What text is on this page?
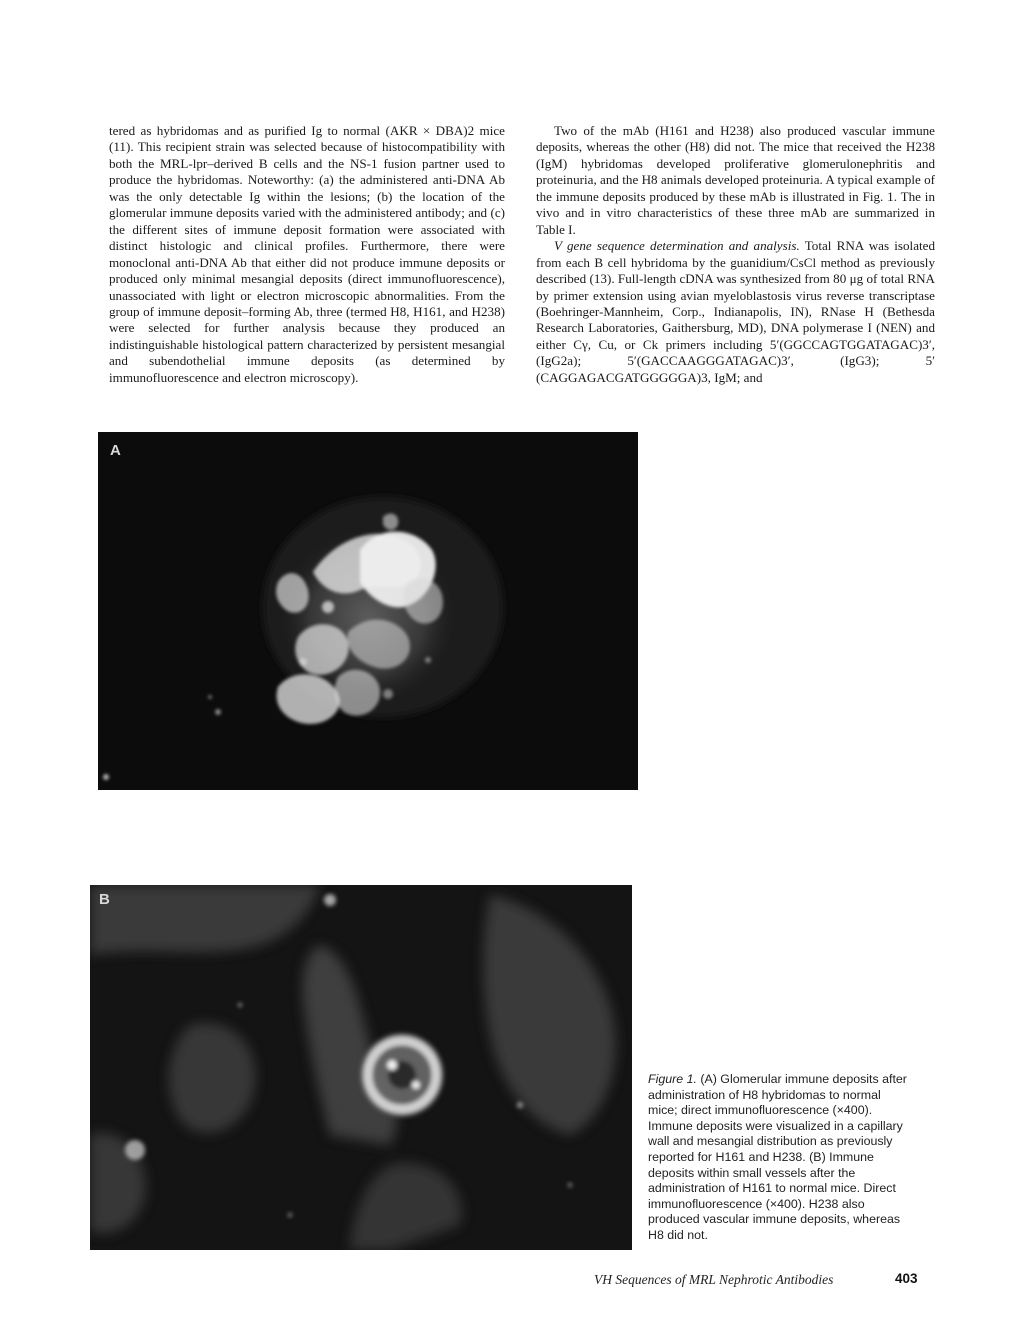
tered as hybridomas and as purified Ig to normal (AKR × DBA)2 mice (11). This recipient strain was selected because of histocompatibility with both the MRL-lpr–derived B cells and the NS-1 fusion partner used to produce the hybridomas. Noteworthy: (a) the administered anti-DNA Ab was the only detectable Ig within the lesions; (b) the location of the glomerular immune deposits varied with the administered antibody; and (c) the different sites of immune deposit formation were associated with distinct histologic and clinical profiles. Furthermore, there were monoclonal anti-DNA Ab that either did not produce immune deposits or produced only minimal mesangial deposits (direct immunofluorescence), unassociated with light or electron microscopic abnormalities. From the group of immune deposit–forming Ab, three (termed H8, H161, and H238) were selected for further analysis because they produced an indistinguishable histological pattern characterized by persistent mesangial and subendothelial immune deposits (as determined by immunofluorescence and electron microscopy).

Two of the mAb (H161 and H238) also produced vascular immune deposits, whereas the other (H8) did not. The mice that received the H238 (IgM) hybridomas developed proliferative glomerulonephritis and proteinuria, and the H8 animals developed proteinuria. A typical example of the immune deposits produced by these mAb is illustrated in Fig. 1. The in vivo and in vitro characteristics of these three mAb are summarized in Table I.

V gene sequence determination and analysis. Total RNA was isolated from each B cell hybridoma by the guanidium/CsCl method as previously described (13). Full-length cDNA was synthesized from 80 μg of total RNA by primer extension using avian myeloblastosis virus reverse transcriptase (Boehringer-Mannheim, Corp., Indianapolis, IN), RNase H (Bethesda Research Laboratories, Gaithersburg, MD), DNA polymerase I (NEN) and either Cγ, Cu, or Ck primers including 5′(GGCCAGTGGATAGAC)3′, (IgG2a); 5′(GACCAAGGGATAGAC)3′, (IgG3); 5′(CAGGAGACGATGGGGGA)3, IgM; and

A
B
Figure 1. (A) Glomerular immune deposits after administration of H8 hybridomas to normal mice; direct immunofluorescence (×400). Immune deposits were visualized in a capillary wall and mesangial distribution as previously reported for H161 and H238. (B) Immune deposits within small vessels after the administration of H161 to normal mice. Direct immunofluorescence (×400). H238 also produced vascular immune deposits, whereas H8 did not.
VH Sequences of MRL Nephrotic Antibodies	403
